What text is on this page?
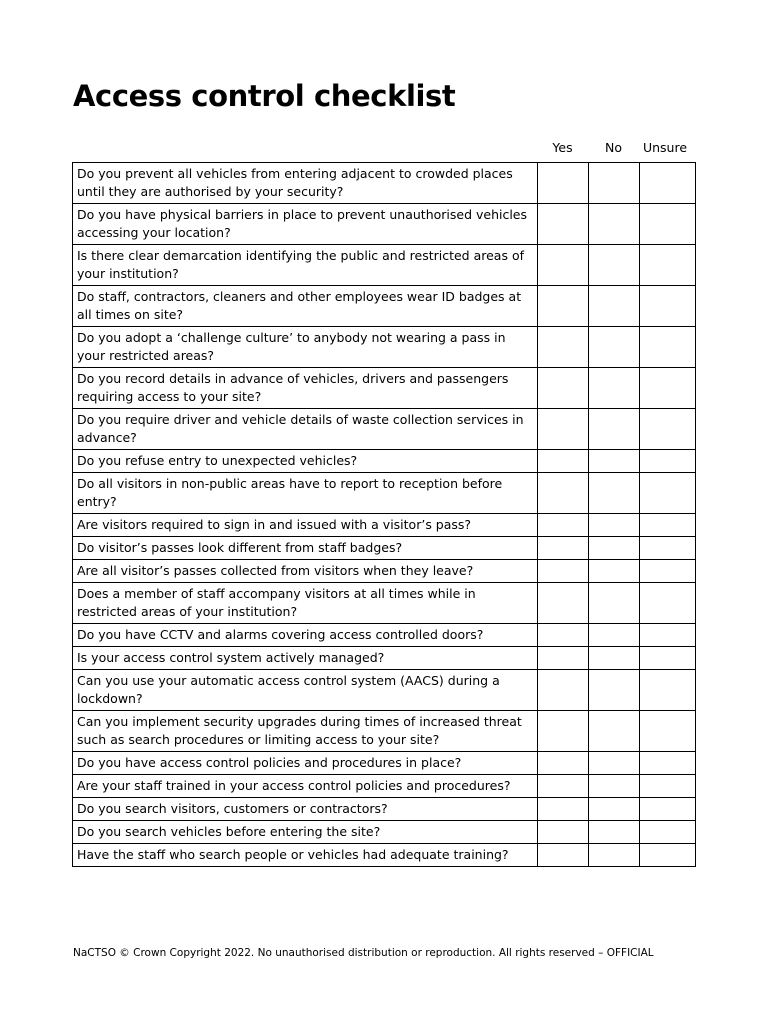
Access control checklist
Yes	No	Unsure
Do you prevent all vehicles from entering adjacent to crowded places until they are authorised by your security?			
Do you have physical barriers in place to prevent unauthorised vehicles accessing your location?			
Is there clear demarcation identifying the public and restricted areas of your institution?			
Do staff, contractors, cleaners and other employees wear ID badges at all times on site?			
Do you adopt a ‘challenge culture’ to anybody not wearing a pass in your restricted areas?			
Do you record details in advance of vehicles, drivers and passengers requiring access to your site?			
Do you require driver and vehicle details of waste collection services in advance?			
Do you refuse entry to unexpected vehicles?			
Do all visitors in non-public areas have to report to reception before entry?			
Are visitors required to sign in and issued with a visitor’s pass?			
Do visitor’s passes look different from staff badges?			
Are all visitor’s passes collected from visitors when they leave?			
Does a member of staff accompany visitors at all times while in restricted areas of your institution?			
Do you have CCTV and alarms covering access controlled doors?			
Is your access control system actively managed?			
Can you use your automatic access control system (AACS) during a lockdown?			
Can you implement security upgrades during times of increased threat such as search procedures or limiting access to your site?			
Do you have access control policies and procedures in place?			
Are your staff trained in your access control policies and procedures?			
Do you search visitors, customers or contractors?			
Do you search vehicles before entering the site?			
Have the staff who search people or vehicles had adequate training?			
NaCTSO © Crown Copyright 2022. No unauthorised distribution or reproduction. All rights reserved – OFFICIAL
